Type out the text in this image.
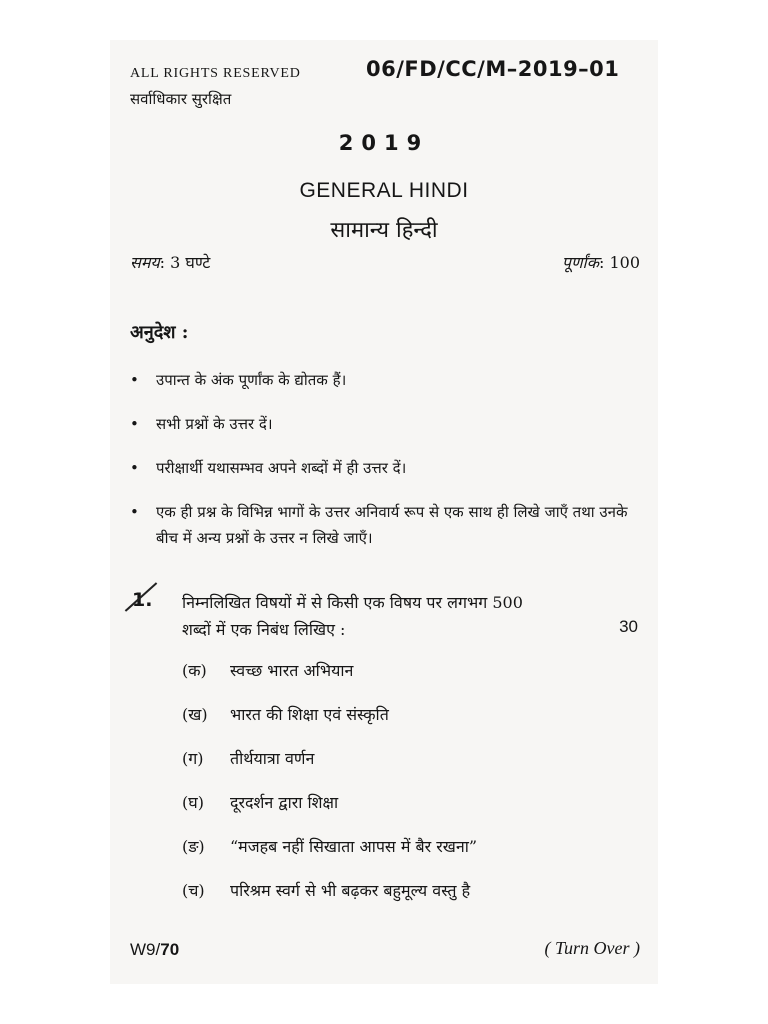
ALL RIGHTS RESERVED	06/FD/CC/M–2019–01
सर्वाधिकार सुरक्षित
2019
GENERAL HINDI
सामान्य हिन्दी
समय: 3 घण्टे	पूर्णांक: 100
अनुदेश :
• उपान्त के अंक पूर्णांक के द्योतक हैं।
• सभी प्रश्नों के उत्तर दें।
• परीक्षार्थी यथासम्भव अपने शब्दों में ही उत्तर दें।
• एक ही प्रश्न के विभिन्न भागों के उत्तर अनिवार्य रूप से एक साथ ही लिखे जाएँ तथा उनके बीच में अन्य प्रश्नों के उत्तर न लिखे जाएँ।
1. निम्नलिखित विषयों में से किसी एक विषय पर लगभग 500
शब्दों में एक निबंध लिखिए :	30
(क) स्वच्छ भारत अभियान
(ख) भारत की शिक्षा एवं संस्कृति
(ग) तीर्थयात्रा वर्णन
(घ) दूरदर्शन द्वारा शिक्षा
(ङ) “मजहब नहीं सिखाता आपस में बैर रखना”
(च) परिश्रम स्वर्ग से भी बढ़कर बहुमूल्य वस्तु है
W9/70	( Turn Over )
